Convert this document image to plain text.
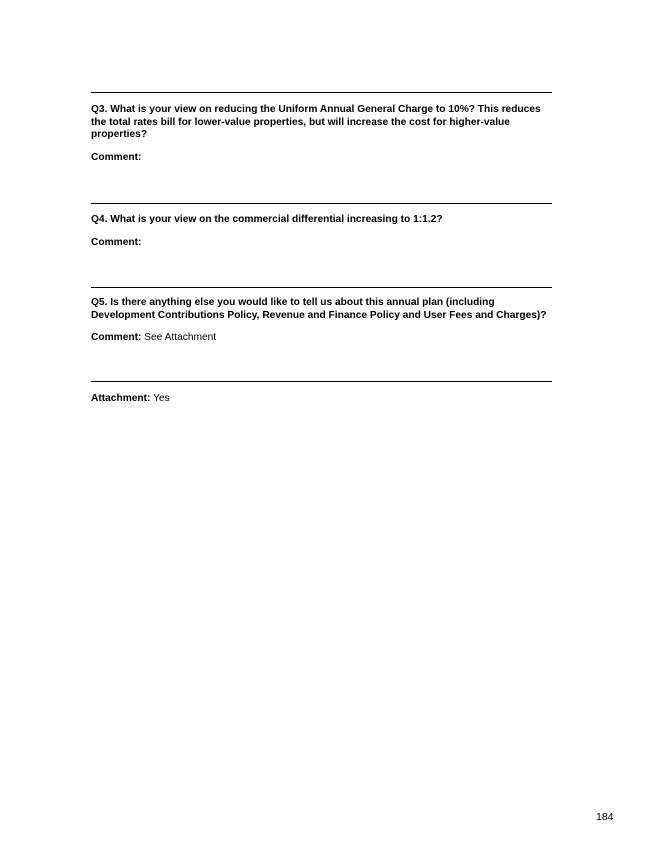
Q3. What is your view on reducing the Uniform Annual General Charge to 10%? This reduces the total rates bill for lower-value properties, but will increase the cost for higher-value properties?

Comment:

Q4. What is your view on the commercial differential increasing to 1:1.2?

Comment:

Q5. Is there anything else you would like to tell us about this annual plan (including Development Contributions Policy, Revenue and Finance Policy and User Fees and Charges)?

Comment: See Attachment

Attachment: Yes

184
